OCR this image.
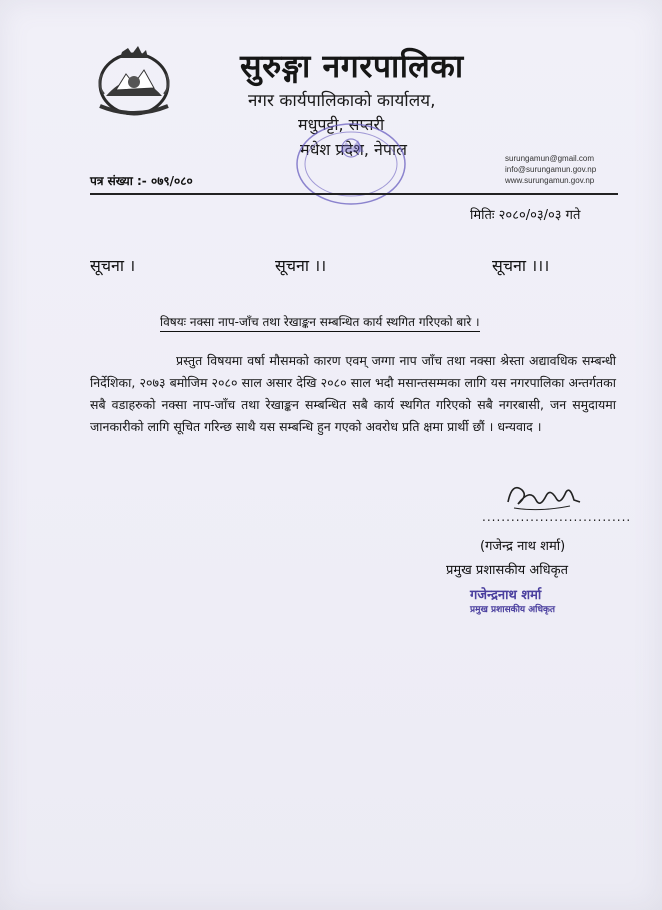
सुरुङ्गा नगरपालिका
नगर कार्यपालिकाको कार्यालय,
मधुपट्टी, सप्तरी
मधेश प्रदेश, नेपाल	surungamun@gmail.com
info@surungamun.gov.np
www.surungamun.gov.np
पत्र संख्या :- ०७९/०८०
मितिः २०८०/०३/०३ गते
सूचना ।	सूचना ।।	सूचना ।।।
विषयः नक्सा नाप-जाँच तथा रेखाङ्कन सम्बन्धित कार्य स्थगित गरिएको बारे ।
प्रस्तुत विषयमा वर्षा मौसमको कारण एवम् जग्गा नाप जाँच तथा नक्सा श्रेस्ता अद्यावधिक सम्बन्धी निर्देशिका, २०७३ बमोजिम २०८० साल असार देखि २०८० साल भदौ मसान्तसम्मका लागि यस नगरपालिका अन्तर्गतका सबै वडाहरुको नक्सा नाप-जाँच तथा रेखाङ्कन सम्बन्धित सबै कार्य स्थगित गरिएको सबै नगरबासी, जन समुदायमा जानकारीको लागि सूचित गरिन्छ साथै यस सम्बन्धि हुन गएको अवरोध प्रति क्षमा प्रार्थी छौं । धन्यवाद ।
...............................
(गजेन्द्र नाथ शर्मा)
प्रमुख प्रशासकीय अधिकृत
गजेन्द्रनाथ शर्मा
प्रमुख प्रशासकीय अधिकृत
